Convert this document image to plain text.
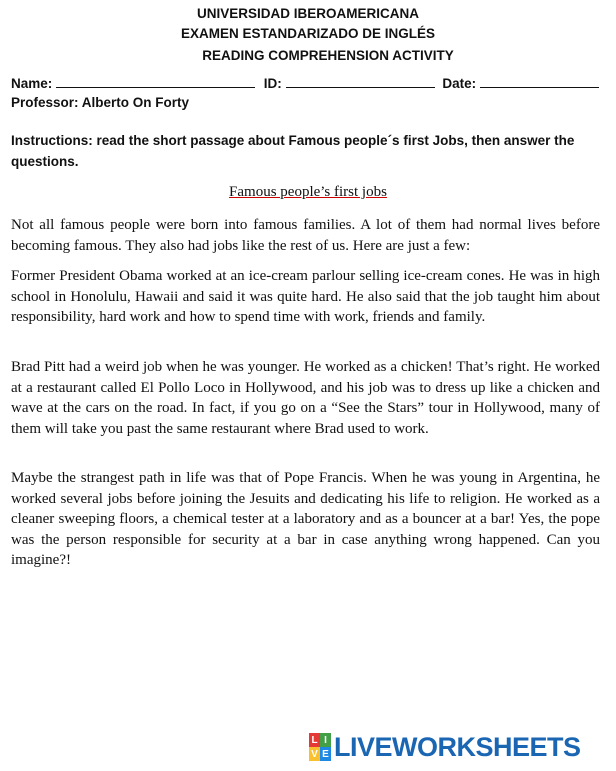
UNIVERSIDAD IBEROAMERICANA
EXAMEN ESTANDARIZADO DE INGLÉS
READING COMPREHENSION ACTIVITY
Name:	ID:	Date:
Professor: Alberto On Forty
Instructions: read the short passage about Famous people´s first Jobs, then answer the questions.
Famous people’s first jobs

Not all famous people were born into famous families. A lot of them had normal lives before becoming famous. They also had jobs like the rest of us. Here are just a few:

Former President Obama worked at an ice-cream parlour selling ice-cream cones. He was in high school in Honolulu, Hawaii and said it was quite hard. He also said that the job taught him about responsibility, hard work and how to spend time with work, friends and family.

Brad Pitt had a weird job when he was younger. He worked as a chicken! That’s right. He worked at a restaurant called El Pollo Loco in Hollywood, and his job was to dress up like a chicken and wave at the cars on the road. In fact, if you go on a “See the Stars” tour in Hollywood, many of them will take you past the same restaurant where Brad used to work.

Maybe the strangest path in life was that of Pope Francis. When he was young in Argentina, he worked several jobs before joining the Jesuits and dedicating his life to religion. He worked as a cleaner sweeping floors, a chemical tester at a laboratory and as a bouncer at a bar! Yes, the pope was the person responsible for security at a bar in case anything wrong happened. Can you imagine?!

L I
V E LIVEWORKSHEETS
